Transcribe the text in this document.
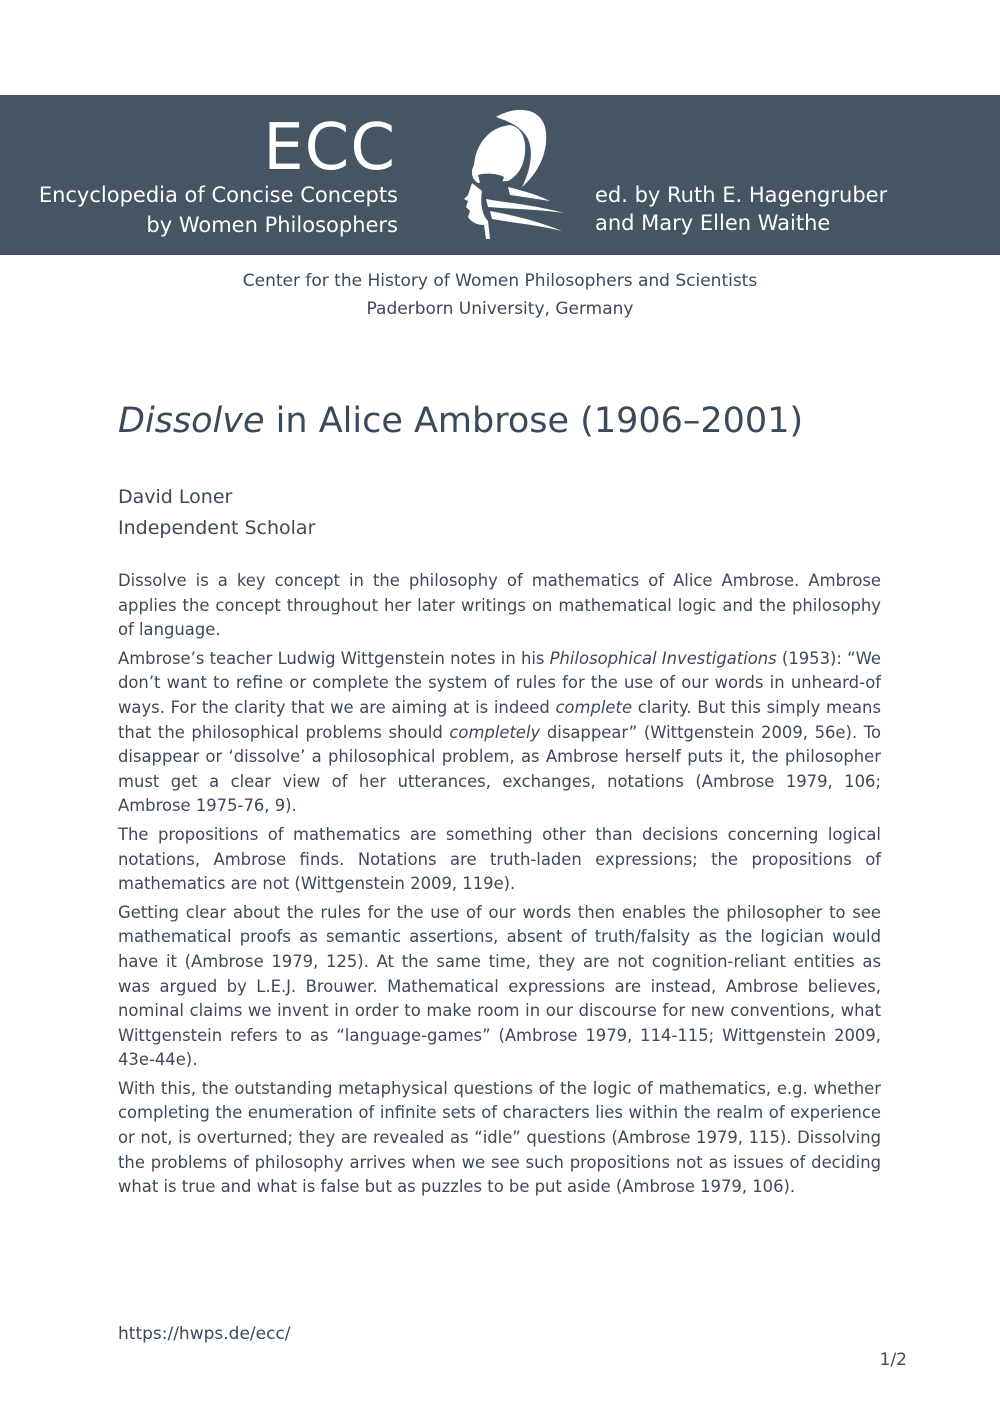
ECC
Encyclopedia of Concise Concepts
by Women Philosophers
ed. by Ruth E. Hagengruber
and Mary Ellen Waithe
Center for the History of Women Philosophers and Scientists
Paderborn University, Germany
Dissolve in Alice Ambrose (1906–2001)
David Loner
Independent Scholar

Dissolve is a key concept in the philosophy of mathematics of Alice Ambrose. Ambrose applies the concept throughout her later writings on mathematical logic and the philosophy of language.

Ambrose’s teacher Ludwig Wittgenstein notes in his Philosophical Investigations (1953): “We don’t want to refine or complete the system of rules for the use of our words in unheard-of ways. For the clarity that we are aiming at is indeed complete clarity. But this simply means that the philosophical problems should completely disappear” (Wittgenstein 2009, 56e). To disappear or ‘dissolve’ a philosophical problem, as Ambrose herself puts it, the philosopher must get a clear view of her utterances, exchanges, notations (Ambrose 1979, 106; Ambrose 1975-76, 9).

The propositions of mathematics are something other than decisions concerning logical notations, Ambrose finds. Notations are truth-laden expressions; the propositions of mathematics are not (Wittgenstein 2009, 119e).

Getting clear about the rules for the use of our words then enables the philosopher to see mathematical proofs as semantic assertions, absent of truth/falsity as the logician would have it (Ambrose 1979, 125). At the same time, they are not cognition-reliant entities as was argued by L.E.J. Brouwer. Mathematical expressions are instead, Ambrose believes, nominal claims we invent in order to make room in our discourse for new conventions, what Wittgenstein refers to as “language-games” (Ambrose 1979, 114-115; Wittgenstein 2009, 43e-44e).

With this, the outstanding metaphysical questions of the logic of mathematics, e.g. whether completing the enumeration of infinite sets of characters lies within the realm of experience or not, is overturned; they are revealed as “idle” questions (Ambrose 1979, 115). Dissolving the problems of philosophy arrives when we see such propositions not as issues of deciding what is true and what is false but as puzzles to be put aside (Ambrose 1979, 106).

https://hwps.de/ecc/
1/2
